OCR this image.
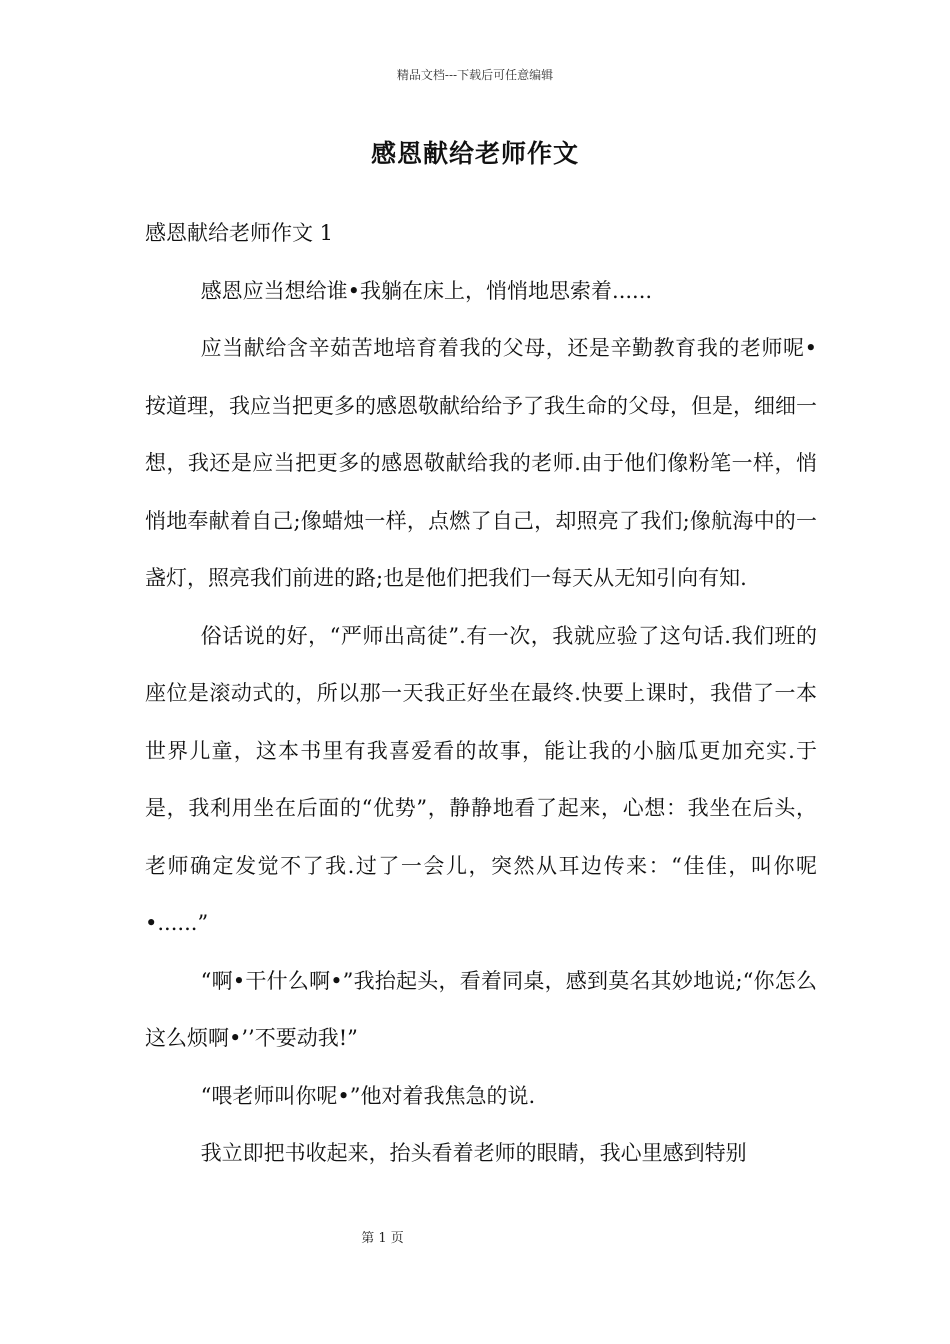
精品文档---下载后可任意编辑
感恩献给老师作文

感恩献给老师作文 1

感恩应当想给谁•我躺在床上，悄悄地思索着......

应当献给含辛茹苦地培育着我的父母，还是辛勤教育我的老师呢•按道理，我应当把更多的感恩敬献给给予了我生命的父母，但是，细细一想，我还是应当把更多的感恩敬献给我的老师.由于他们像粉笔一样，悄悄地奉献着自己;像蜡烛一样，点燃了自己，却照亮了我们;像航海中的一盏灯，照亮我们前进的路;也是他们把我们一每天从无知引向有知.

俗话说的好，“严师出高徒”.有一次，我就应验了这句话.我们班的座位是滚动式的，所以那一天我正好坐在最终.快要上课时，我借了一本世界儿童，这本书里有我喜爱看的故事，能让我的小脑瓜更加充实.于是，我利用坐在后面的“优势”，静静地看了起来，心想：我坐在后头，老师确定发觉不了我.过了一会儿，突然从耳边传来：“佳佳，叫你呢•......”

“啊•干什么啊•”我抬起头，看着同桌，感到莫名其妙地说;“你怎么这么烦啊•’’不要动我!”

“喂老师叫你呢•”他对着我焦急的说.

我立即把书收起来，抬头看着老师的眼睛，我心里感到特别

第 1 页
